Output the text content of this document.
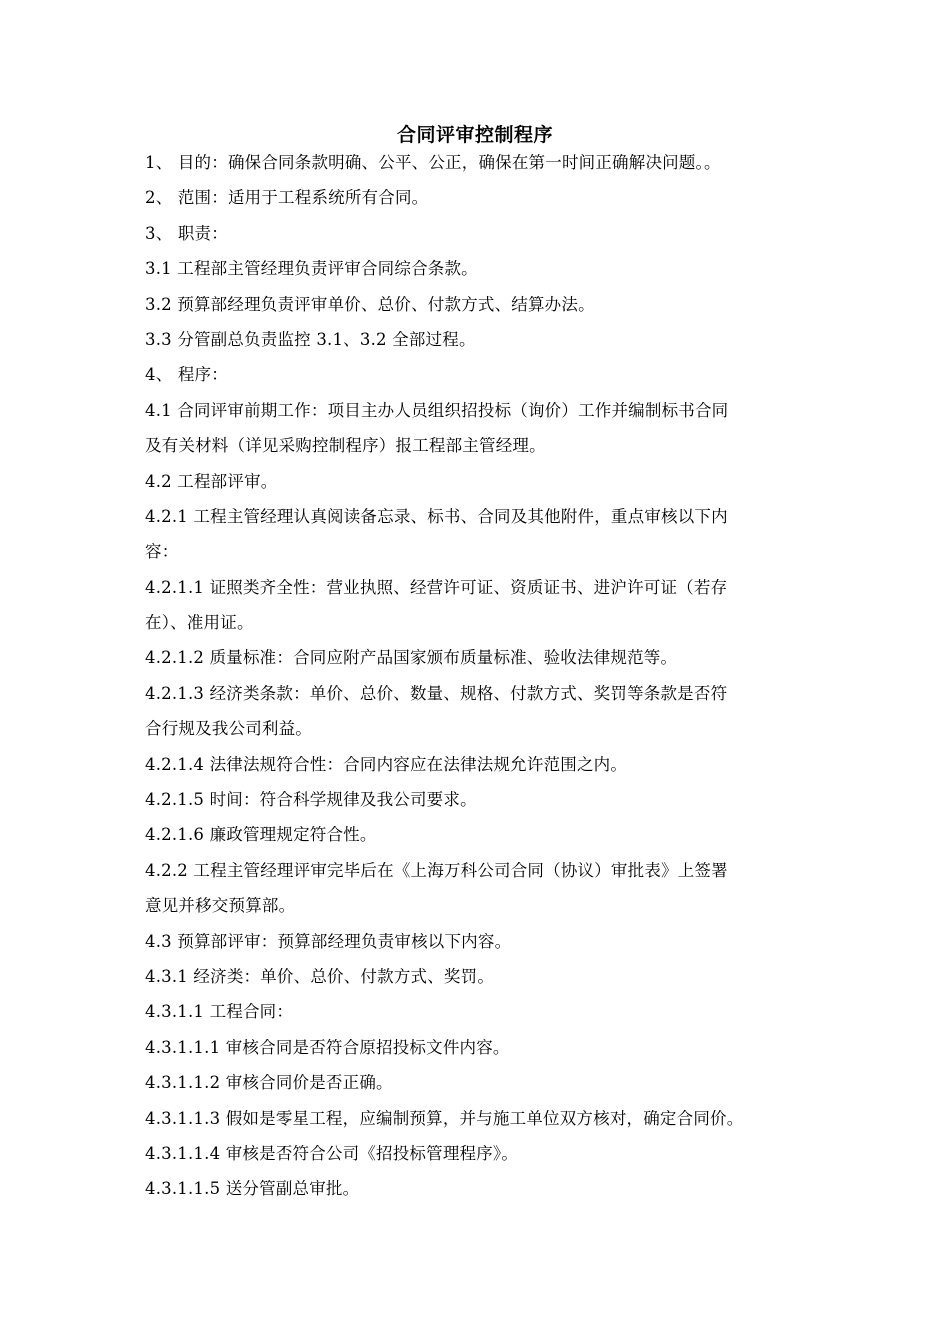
合同评审控制程序
1、 目的：确保合同条款明确、公平、公正，确保在第一时间正确解决问题。。
2、 范围：适用于工程系统所有合同。
3、 职责：
3.1 工程部主管经理负责评审合同综合条款。
3.2 预算部经理负责评审单价、总价、付款方式、结算办法。
3.3 分管副总负责监控 3.1、3.2 全部过程。
4、 程序：
4.1 合同评审前期工作：项目主办人员组织招投标（询价）工作并编制标书合同
及有关材料（详见采购控制程序）报工程部主管经理。
4.2 工程部评审。
4.2.1 工程主管经理认真阅读备忘录、标书、合同及其他附件，重点审核以下内
容：
4.2.1.1 证照类齐全性：营业执照、经营许可证、资质证书、进沪许可证（若存
在）、准用证。
4.2.1.2 质量标准：合同应附产品国家颁布质量标准、验收法律规范等。
4.2.1.3 经济类条款：单价、总价、数量、规格、付款方式、奖罚等条款是否符
合行规及我公司利益。
4.2.1.4 法律法规符合性：合同内容应在法律法规允许范围之内。
4.2.1.5 时间：符合科学规律及我公司要求。
4.2.1.6 廉政管理规定符合性。
4.2.2 工程主管经理评审完毕后在《上海万科公司合同（协议）审批表》上签署
意见并移交预算部。
4.3 预算部评审：预算部经理负责审核以下内容。
4.3.1 经济类：单价、总价、付款方式、奖罚。
4.3.1.1 工程合同：
4.3.1.1.1 审核合同是否符合原招投标文件内容。
4.3.1.1.2 审核合同价是否正确。
4.3.1.1.3 假如是零星工程，应编制预算，并与施工单位双方核对，确定合同价。
4.3.1.1.4 审核是否符合公司《招投标管理程序》。
4.3.1.1.5 送分管副总审批。
